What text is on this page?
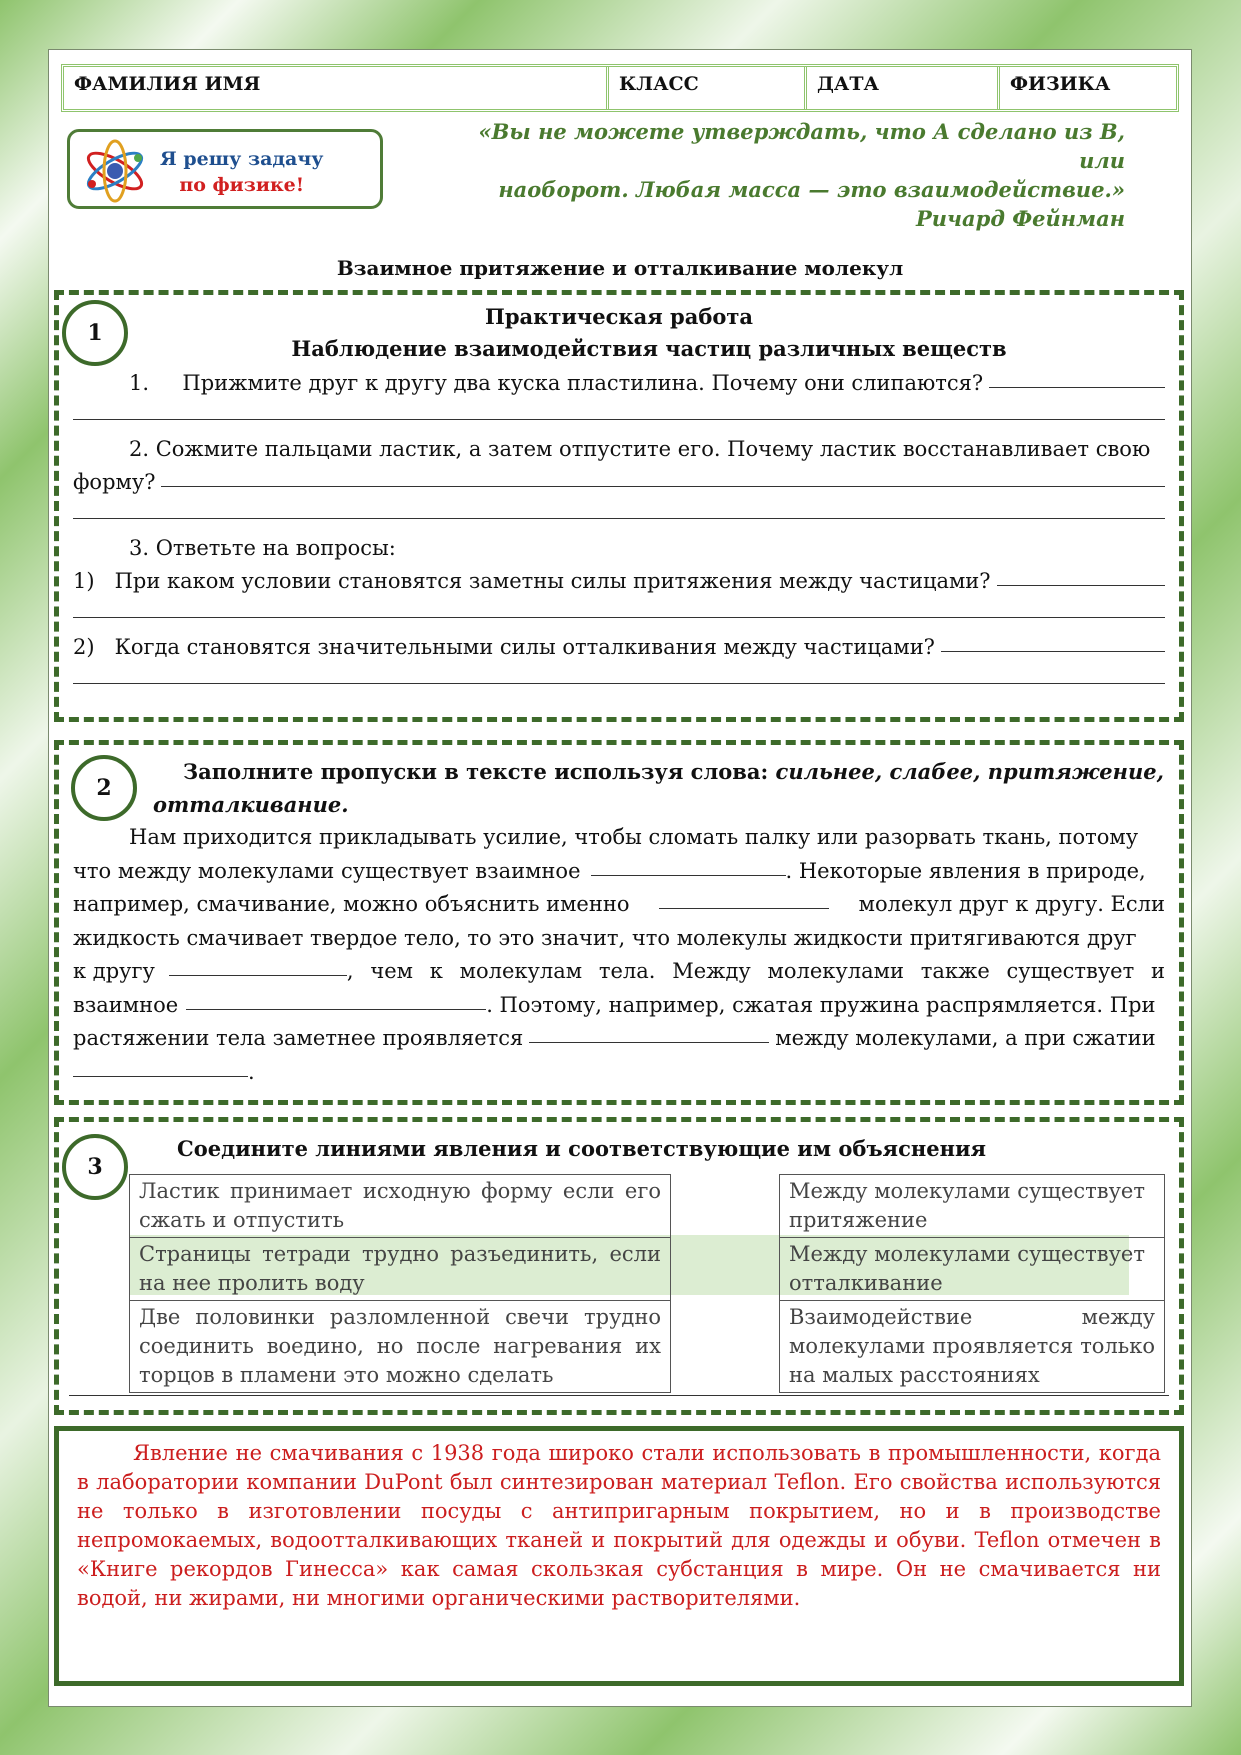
ФАМИЛИЯ ИМЯ	КЛАСС	ДАТА	ФИЗИКА
Я решу задачу
по физике!
«Вы не можете утверждать, что А сделано из В, или
наоборот. Любая масса — это взаимодействие.»
Ричард Фейнман
Взаимное притяжение и отталкивание молекул
1
Практическая работа
Наблюдение взаимодействия частиц различных веществ
1.     Прижмите друг к другу два куска пластилина. Почему они слипаются?
2. Сожмите пальцами ластик, а затем отпустите его. Почему ластик восстанавливает свою
форму?
3. Ответьте на вопросы:
1)   При каком условии становятся заметны силы притяжения между частицами?
2)   Когда становятся значительными силы отталкивания между частицами?
2
Заполните пропуски в тексте используя слова: сильнее, слабее, притяжение,
отталкивание.
Нам приходится прикладывать усилие, чтобы сломать палку или разорвать ткань, потому
что между молекулами существует взаимное	. Некоторые явления в природе,
например, смачивание, можно объяснить именно	молекул друг к другу. Если
жидкость смачивает твердое тело, то это значит, что молекулы жидкости притягиваются друг
к другу	, чем к молекулам тела. Между молекулами также существует и
взаимное	. Поэтому, например, сжатая пружина распрямляется. При
растяжении тела заметнее проявляется	между молекулами, а при сжатии
.
3
Соедините линиями явления и соответствующие им объяснения
Ластик принимает исходную форму если его сжать и отпустить
Страницы тетради трудно разъединить, если на нее пролить воду
Две половинки разломленной свечи трудно соединить воедино, но после нагревания их торцов в пламени это можно сделать
Между молекулами существует притяжение
Между молекулами существует отталкивание
Взаимодействие между молекулами проявляется только на малых расстояниях

Явление не смачивания с 1938 года широко стали использовать в промышленности, когда в лаборатории компании DuPont был синтезирован материал Teflon. Его свойства используются не только в изготовлении посуды с антипригарным покрытием, но и в производстве непромокаемых, водоотталкивающих тканей и покрытий для одежды и обуви. Teflon отмечен в «Книге рекордов Гинесса» как самая скользкая субстанция в мире. Он не смачивается ни водой, ни жирами, ни многими органическими растворителями.
